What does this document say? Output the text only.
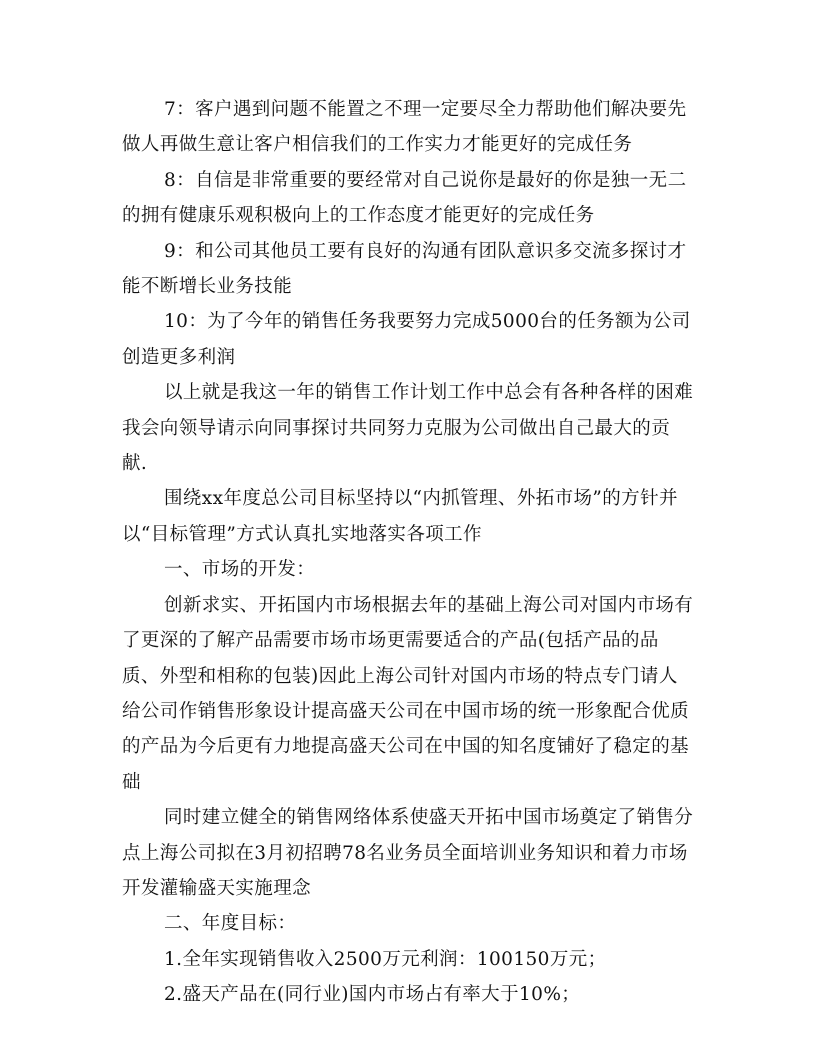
7：客户遇到问题不能置之不理一定要尽全力帮助他们解决要先做人再做生意让客户相信我们的工作实力才能更好的完成任务

8：自信是非常重要的要经常对自己说你是最好的你是独一无二的拥有健康乐观积极向上的工作态度才能更好的完成任务

9：和公司其他员工要有良好的沟通有团队意识多交流多探讨才能不断增长业务技能

10：为了今年的销售任务我要努力完成5000台的任务额为公司创造更多利润

以上就是我这一年的销售工作计划工作中总会有各种各样的困难我会向领导请示向同事探讨共同努力克服为公司做出自己最大的贡献.

围绕xx年度总公司目标坚持以“内抓管理、外拓市场”的方针并以“目标管理”方式认真扎实地落实各项工作

一、市场的开发：

创新求实、开拓国内市场根据去年的基础上海公司对国内市场有了更深的了解产品需要市场市场更需要适合的产品(包括产品的品质、外型和相称的包装)因此上海公司针对国内市场的特点专门请人给公司作销售形象设计提高盛天公司在中国市场的统一形象配合优质的产品为今后更有力地提高盛天公司在中国的知名度铺好了稳定的基础

同时建立健全的销售网络体系使盛天开拓中国市场奠定了销售分点上海公司拟在3月初招聘78名业务员全面培训业务知识和着力市场开发灌输盛天实施理念

二、年度目标：

1.全年实现销售收入2500万元利润：100150万元；

2.盛天产品在(同行业)国内市场占有率大于10%；
